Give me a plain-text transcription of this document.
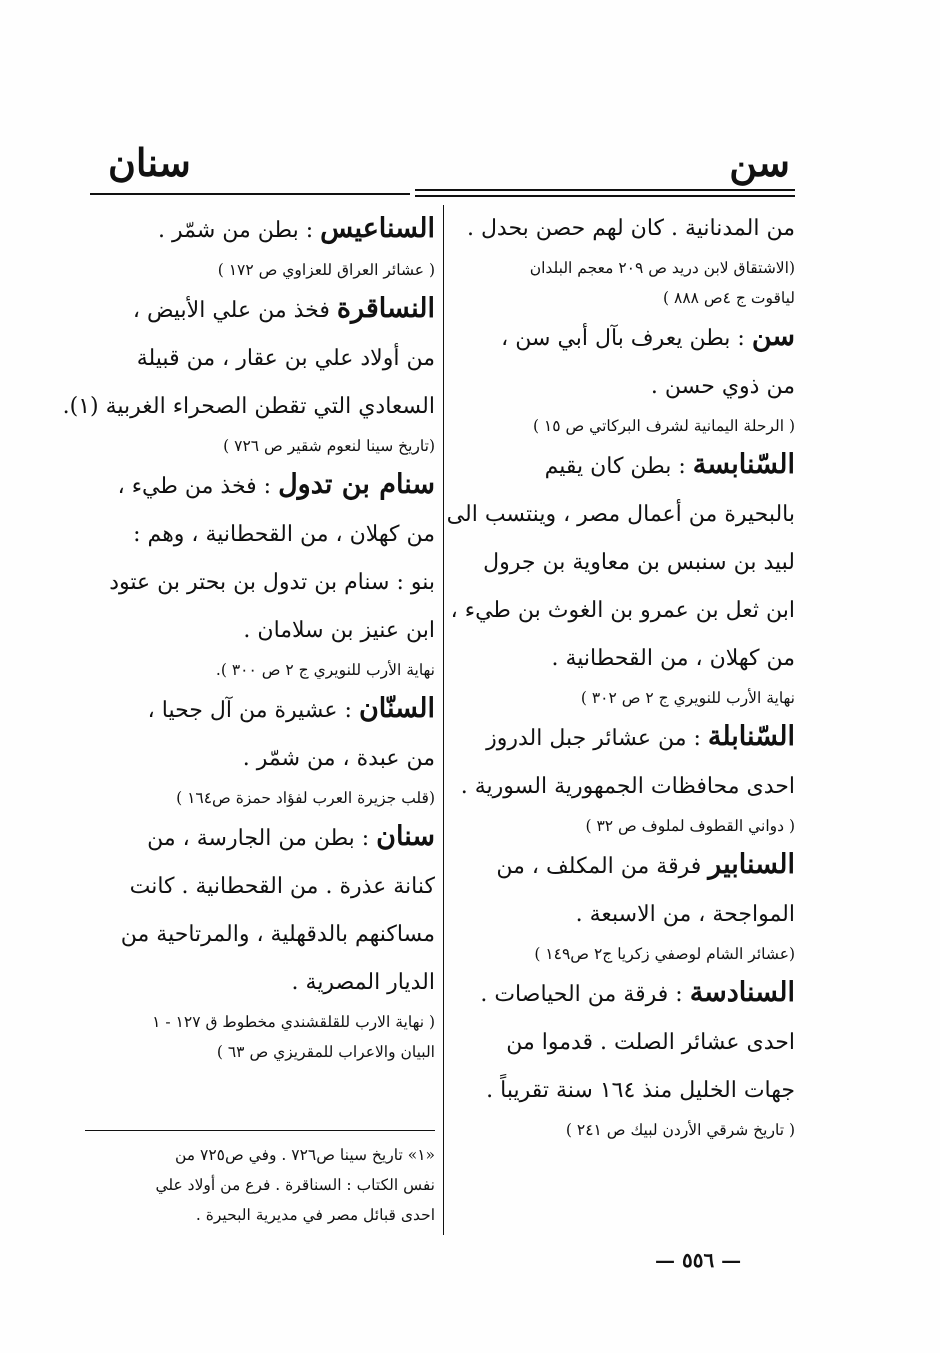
سن
سنان

من المدنانية . كان لهم حصن بحدل .

(الاشتقاق لابن دريد ص ٢٠٩ معجم البلدان

لياقوت ج ٤ص ٨٨٨ )

سن : بطن يعرف بآل أبي سن ،

من ذوي حسن .

( الرحلة اليمانية لشرف البركاتي ص ١٥ )

السّنابسة : بطن كان يقيم

بالبحيرة من أعمال مصر ، وينتسب الى

لبيد بن سنبس بن معاوية بن جرول

ابن ثعل بن عمرو بن الغوث بن طيء ،

من كهلان ، من القحطانية .

نهاية الأرب للنويري ج ٢ ص ٣٠٢ )

السّنابلة : من عشائر جبل الدروز

احدى محافظات الجمهورية السورية .

( دواني القطوف لملوف ص ٣٢ )

السنابير فرقة من المكلف ، من

المواجحة ، من الاسبعة .

(عشائر الشام لوصفي زكريا ج٢ ص١٤٩ )

السنادسة : فرقة من الحياصات .

احدى عشائر الصلت . قدموا من

جهات الخليل منذ ١٦٤ سنة تقريباً .

( تاريخ شرقي الأردن لبيك ص ٢٤١ )

السناعيس : بطن من شمّر .

( عشائر العراق للعزاوي ص ١٧٢ )

النساقرة فخذ من علي الأبيض ،

من أولاد علي بن عقار ، من قبيلة

السعادي التي تقطن الصحراء الغربية (١).

(تاريخ سينا لنعوم شقير ص ٧٢٦ )

سنام بن تدول : فخذ من طيء ،

من كهلان ، من القحطانية ، وهم :

بنو : سنام بن تدول بن بحتر بن عتود

ابن عنيز بن سلامان .

نهاية الأرب للنويري ج ٢ ص ٣٠٠ ).

السنّان : عشيرة من آل جحيا ،

من عبدة ، من شمّر .

(قلب جزيرة العرب لفؤاد حمزة ص١٦٤ )

سنان : بطن من الجارسة ، من

كنانة عذرة . من القحطانية . كانت

مساكنهم بالدقهلية ، والمرتاحية من

الديار المصرية .

( نهاية الارب للقلقشندي مخطوط ق ١٢٧ - ١

البيان والاعراب للمقريزي ص ٦٣ )

«١» تاريخ سينا ص٧٢٦ . وفي ص٧٢٥ من

نفس الكتاب : السناقرة . فرع من أولاد علي

احدى قبائل مصر في مديرية البحيرة .

— ٥٥٦ —
